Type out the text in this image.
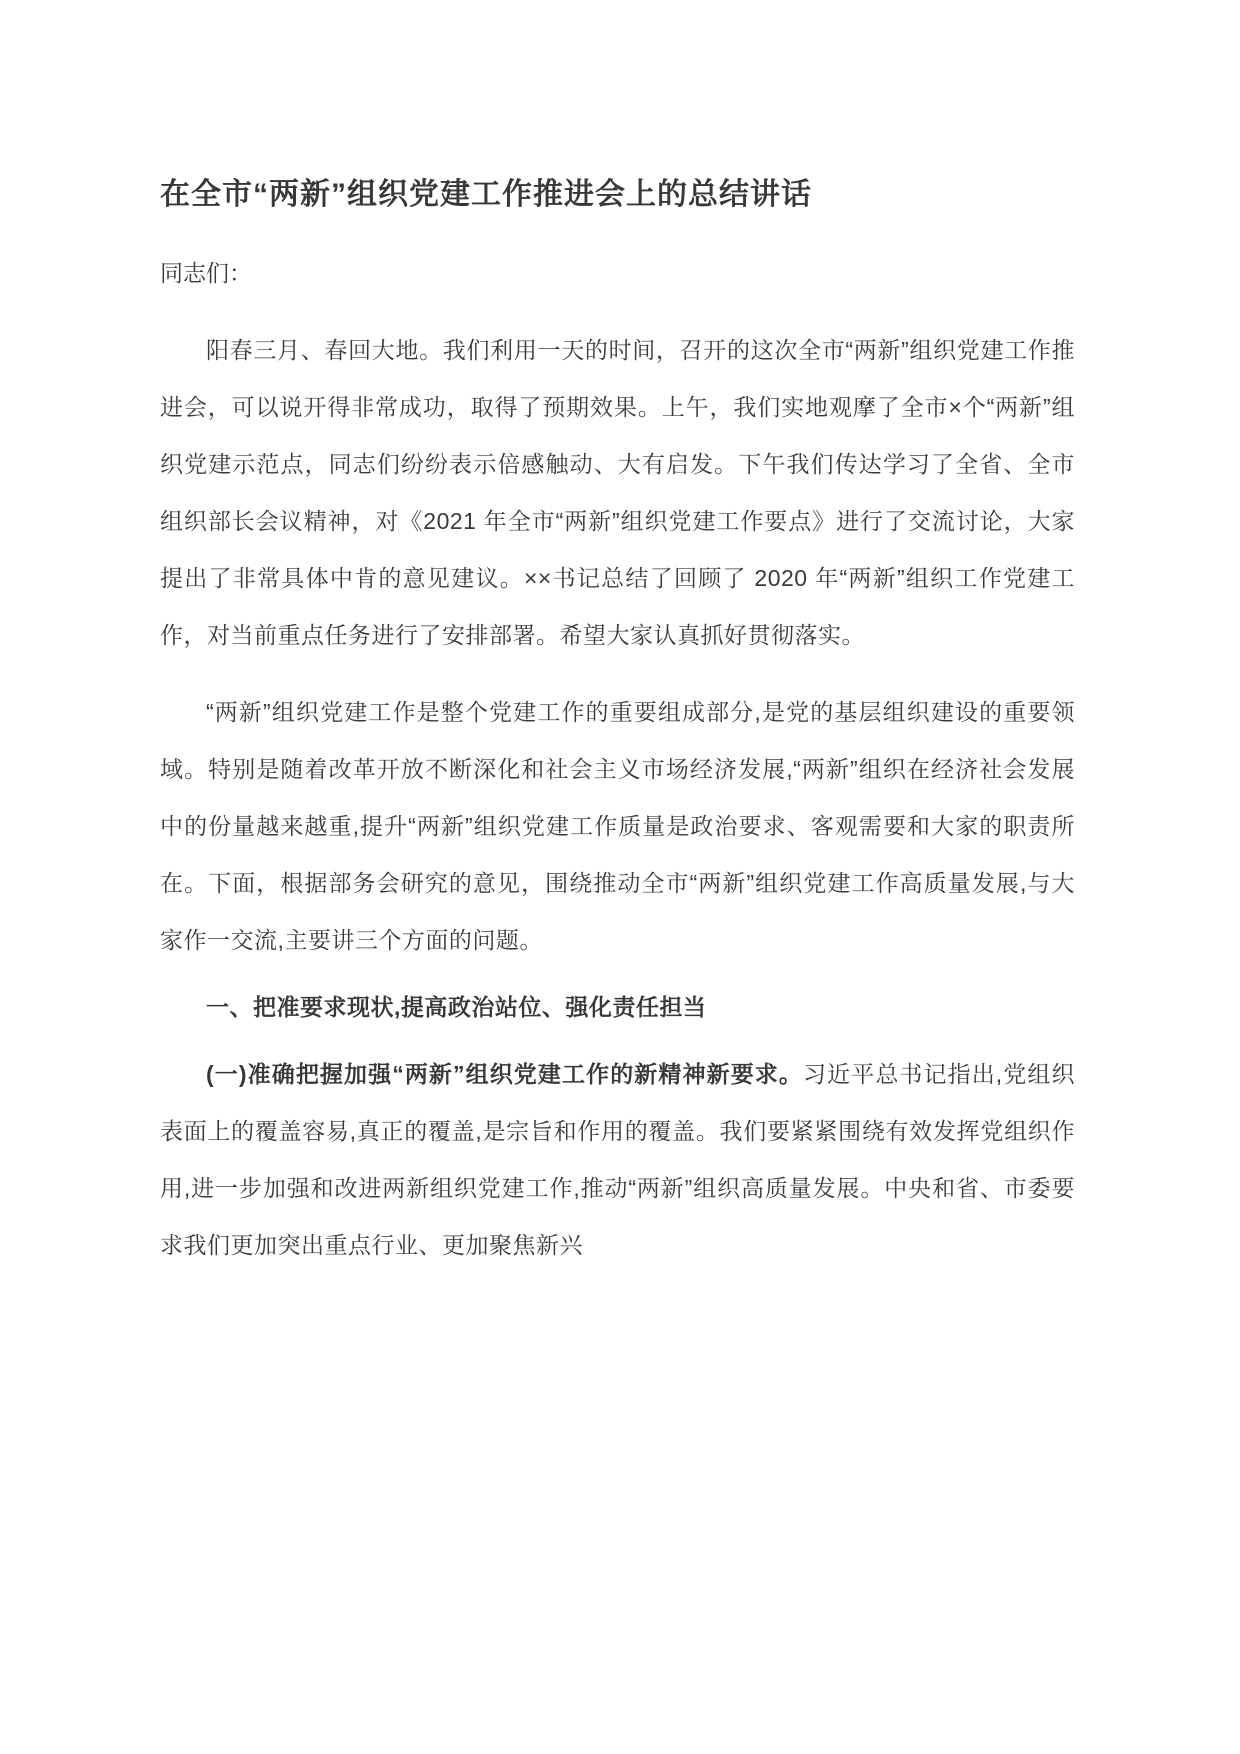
在全市“两新”组织党建工作推进会上的总结讲话

同志们：

阳春三月、春回大地。我们利用一天的时间，召开的这次全市“两新”组织党建工作推进会，可以说开得非常成功，取得了预期效果。上午，我们实地观摩了全市×个“两新”组织党建示范点，同志们纷纷表示倍感触动、大有启发。下午我们传达学习了全省、全市组织部长会议精神，对《2021 年全市“两新”组织党建工作要点》进行了交流讨论，大家提出了非常具体中肯的意见建议。××书记总结了回顾了 2020 年“两新”组织工作党建工作，对当前重点任务进行了安排部署。希望大家认真抓好贯彻落实。

“两新”组织党建工作是整个党建工作的重要组成部分,是党的基层组织建设的重要领域。特别是随着改革开放不断深化和社会主义市场经济发展,“两新”组织在经济社会发展中的份量越来越重,提升“两新”组织党建工作质量是政治要求、客观需要和大家的职责所在。下面，根据部务会研究的意见，围绕推动全市“两新”组织党建工作高质量发展,与大家作一交流,主要讲三个方面的问题。

一、把准要求现状,提高政治站位、强化责任担当

(一)准确把握加强“两新”组织党建工作的新精神新要求。习近平总书记指出,党组织表面上的覆盖容易,真正的覆盖,是宗旨和作用的覆盖。我们要紧紧围绕有效发挥党组织作用,进一步加强和改进两新组织党建工作,推动“两新”组织高质量发展。中央和省、市委要求我们更加突出重点行业、更加聚焦新兴
